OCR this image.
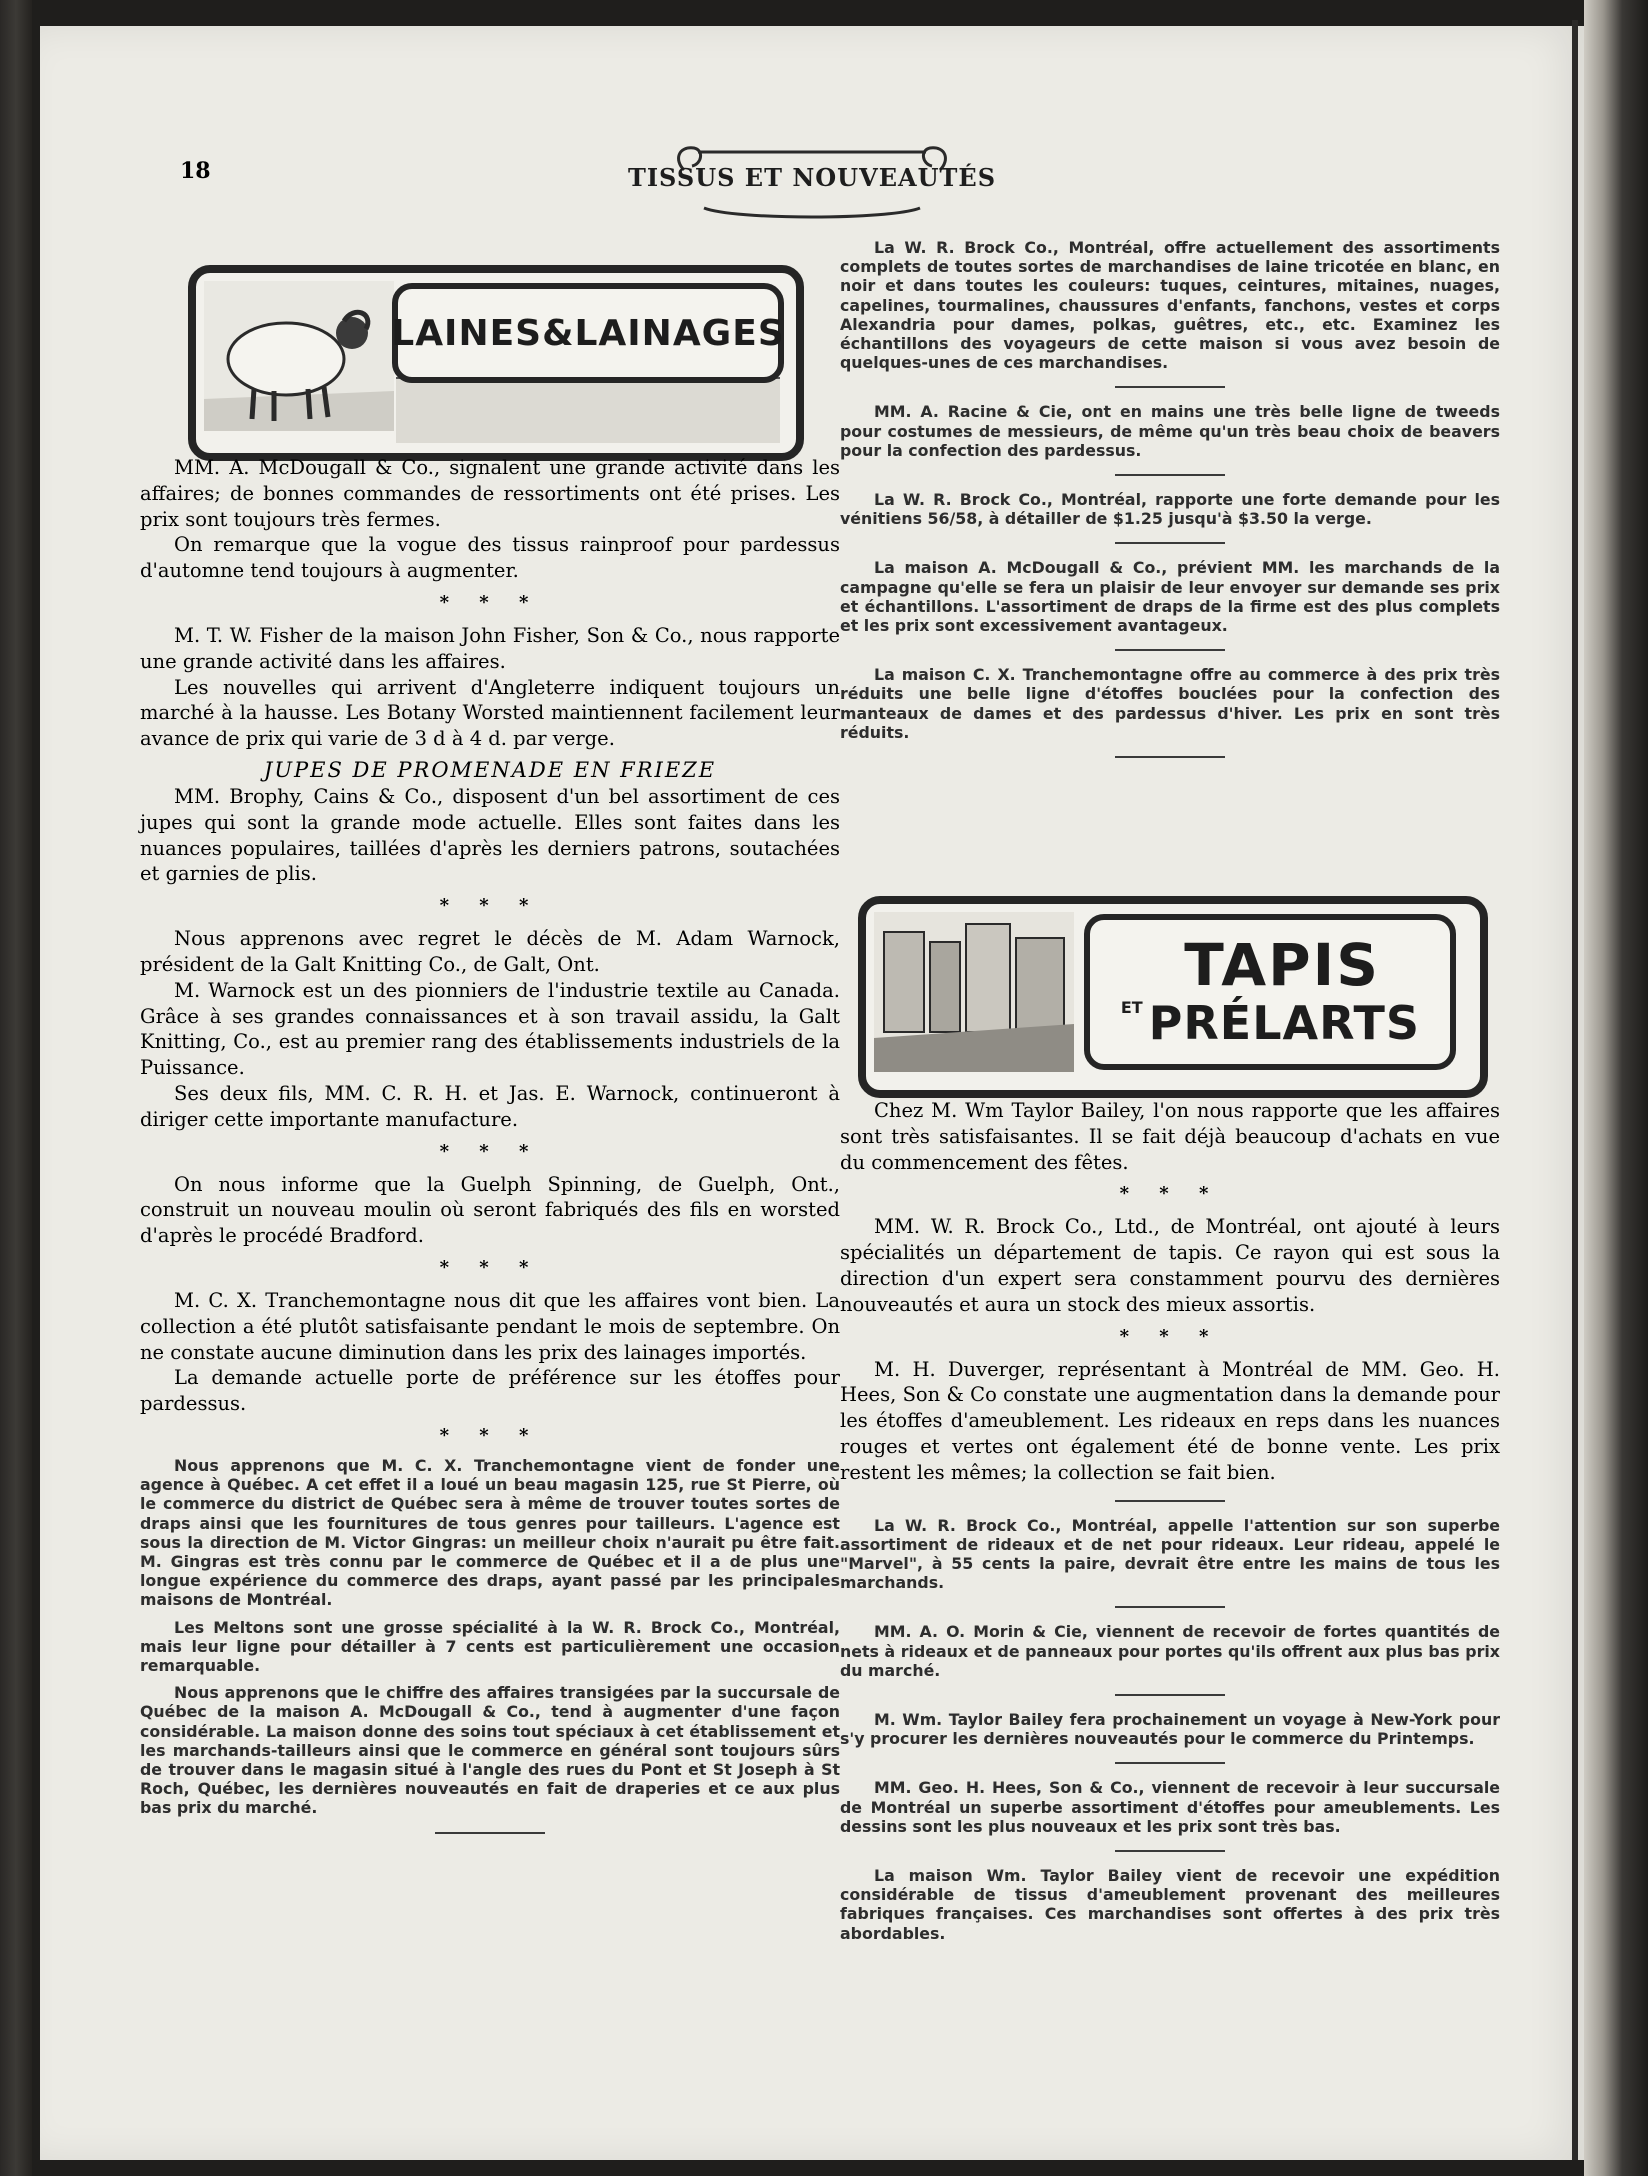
18	TISSUS ET NOUVEAUTÉS
LAINES&LAINAGES
TAPIS
ET PRÉLARTS

MM. A. McDougall & Co., signalent une grande activité dans les affaires; de bonnes commandes de ressortiments ont été prises. Les prix sont toujours très fermes.

On remarque que la vogue des tissus rainproof pour pardessus d'automne tend toujours à augmenter.

* * *

M. T. W. Fisher de la maison John Fisher, Son & Co., nous rapporte une grande activité dans les affaires.

Les nouvelles qui arrivent d'Angleterre indiquent toujours un marché à la hausse. Les Botany Worsted maintiennent facilement leur avance de prix qui varie de 3 d à 4 d. par verge.

JUPES DE PROMENADE EN FRIEZE

MM. Brophy, Cains & Co., disposent d'un bel assortiment de ces jupes qui sont la grande mode actuelle. Elles sont faites dans les nuances populaires, taillées d'après les derniers patrons, soutachées et garnies de plis.

* * *

Nous apprenons avec regret le décès de M. Adam Warnock, président de la Galt Knitting Co., de Galt, Ont.

M. Warnock est un des pionniers de l'industrie textile au Canada. Grâce à ses grandes connaissances et à son travail assidu, la Galt Knitting, Co., est au premier rang des établissements industriels de la Puissance.

Ses deux fils, MM. C. R. H. et Jas. E. Warnock, continueront à diriger cette importante manufacture.

* * *

On nous informe que la Guelph Spinning, de Guelph, Ont., construit un nouveau moulin où seront fabriqués des fils en worsted d'après le procédé Bradford.

* * *

M. C. X. Tranchemontagne nous dit que les affaires vont bien. La collection a été plutôt satisfaisante pendant le mois de septembre. On ne constate aucune diminution dans les prix des lainages importés.

La demande actuelle porte de préférence sur les étoffes pour pardessus.

* * *

Nous apprenons que M. C. X. Tranchemontagne vient de fonder une agence à Québec. A cet effet il a loué un beau magasin 125, rue St Pierre, où le commerce du district de Québec sera à même de trouver toutes sortes de draps ainsi que les fournitures de tous genres pour tailleurs. L'agence est sous la direction de M. Victor Gingras: un meilleur choix n'aurait pu être fait. M. Gingras est très connu par le commerce de Québec et il a de plus une longue expérience du commerce des draps, ayant passé par les principales maisons de Montréal.

Les Meltons sont une grosse spécialité à la W. R. Brock Co., Montréal, mais leur ligne pour détailler à 7 cents est particulièrement une occasion remarquable.

Nous apprenons que le chiffre des affaires transigées par la succursale de Québec de la maison A. McDougall & Co., tend à augmenter d'une façon considérable. La maison donne des soins tout spéciaux à cet établissement et les marchands-tailleurs ainsi que le commerce en général sont toujours sûrs de trouver dans le magasin situé à l'angle des rues du Pont et St Joseph à St Roch, Québec, les dernières nouveautés en fait de draperies et ce aux plus bas prix du marché.

La W. R. Brock Co., Montréal, offre actuellement des assortiments complets de toutes sortes de marchandises de laine tricotée en blanc, en noir et dans toutes les couleurs: tuques, ceintures, mitaines, nuages, capelines, tourmalines, chaussures d'enfants, fanchons, vestes et corps Alexandria pour dames, polkas, guêtres, etc., etc. Examinez les échantillons des voyageurs de cette maison si vous avez besoin de quelques-unes de ces marchandises.

MM. A. Racine & Cie, ont en mains une très belle ligne de tweeds pour costumes de messieurs, de même qu'un très beau choix de beavers pour la confection des pardessus.

La W. R. Brock Co., Montréal, rapporte une forte demande pour les vénitiens 56/58, à détailler de $1.25 jusqu'à $3.50 la verge.

La maison A. McDougall & Co., prévient MM. les marchands de la campagne qu'elle se fera un plaisir de leur envoyer sur demande ses prix et échantillons. L'assortiment de draps de la firme est des plus complets et les prix sont excessivement avantageux.

La maison C. X. Tranchemontagne offre au commerce à des prix très réduits une belle ligne d'étoffes bouclées pour la confection des manteaux de dames et des pardessus d'hiver. Les prix en sont très réduits.

Chez M. Wm Taylor Bailey, l'on nous rapporte que les affaires sont très satisfaisantes. Il se fait déjà beaucoup d'achats en vue du commencement des fêtes.

* * *

MM. W. R. Brock Co., Ltd., de Montréal, ont ajouté à leurs spécialités un département de tapis. Ce rayon qui est sous la direction d'un expert sera constamment pourvu des dernières nouveautés et aura un stock des mieux assortis.

* * *

M. H. Duverger, représentant à Montréal de MM. Geo. H. Hees, Son & Co constate une augmentation dans la demande pour les étoffes d'ameublement. Les rideaux en reps dans les nuances rouges et vertes ont également été de bonne vente. Les prix restent les mêmes; la collection se fait bien.

La W. R. Brock Co., Montréal, appelle l'attention sur son superbe assortiment de rideaux et de net pour rideaux. Leur rideau, appelé le "Marvel", à 55 cents la paire, devrait être entre les mains de tous les marchands.

MM. A. O. Morin & Cie, viennent de recevoir de fortes quantités de nets à rideaux et de panneaux pour portes qu'ils offrent aux plus bas prix du marché.

M. Wm. Taylor Bailey fera prochainement un voyage à New-York pour s'y procurer les dernières nouveautés pour le commerce du Printemps.

MM. Geo. H. Hees, Son & Co., viennent de recevoir à leur succursale de Montréal un superbe assortiment d'étoffes pour ameublements. Les dessins sont les plus nouveaux et les prix sont très bas.

La maison Wm. Taylor Bailey vient de recevoir une expédition considérable de tissus d'ameublement provenant des meilleures fabriques françaises. Ces marchandises sont offertes à des prix très abordables.
